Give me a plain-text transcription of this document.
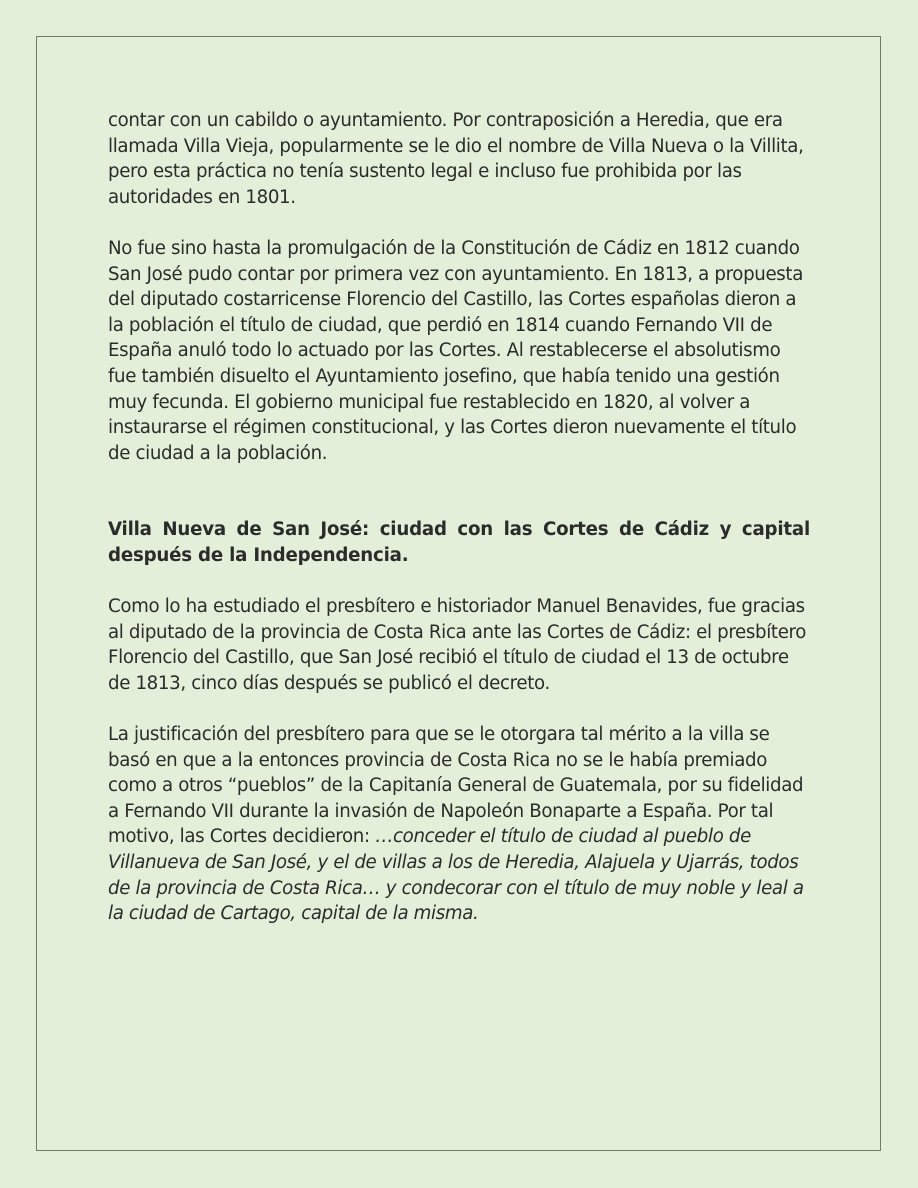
contar con un cabildo o ayuntamiento. Por contraposición a Heredia, que era llamada Villa Vieja, popularmente se le dio el nombre de Villa Nueva o la Villita, pero esta práctica no tenía sustento legal e incluso fue prohibida por las autoridades en 1801.

No fue sino hasta la promulgación de la Constitución de Cádiz en 1812 cuando San José pudo contar por primera vez con ayuntamiento. En 1813, a propuesta del diputado costarricense Florencio del Castillo, las Cortes españolas dieron a la población el título de ciudad, que perdió en 1814 cuando Fernando VII de España anuló todo lo actuado por las Cortes. Al restablecerse el absolutismo fue también disuelto el Ayuntamiento josefino, que había tenido una gestión muy fecunda. El gobierno municipal fue restablecido en 1820, al volver a instaurarse el régimen constitucional, y las Cortes dieron nuevamente el título de ciudad a la población.

Villa Nueva de San José: ciudad con las Cortes de Cádiz y capital después de la Independencia.

Como lo ha estudiado el presbítero e historiador Manuel Benavides, fue gracias al diputado de la provincia de Costa Rica ante las Cortes de Cádiz: el presbítero Florencio del Castillo, que San José recibió el título de ciudad el 13 de octubre de 1813, cinco días después se publicó el decreto.

La justificación del presbítero para que se le otorgara tal mérito a la villa se basó en que a la entonces provincia de Costa Rica no se le había premiado como a otros “pueblos” de la Capitanía General de Guatemala, por su fidelidad a Fernando VII durante la invasión de Napoleón Bonaparte a España. Por tal motivo, las Cortes decidieron: …conceder el título de ciudad al pueblo de Villanueva de San José, y el de villas a los de Heredia, Alajuela y Ujarrás, todos de la provincia de Costa Rica… y condecorar con el título de muy noble y leal a la ciudad de Cartago, capital de la misma.
